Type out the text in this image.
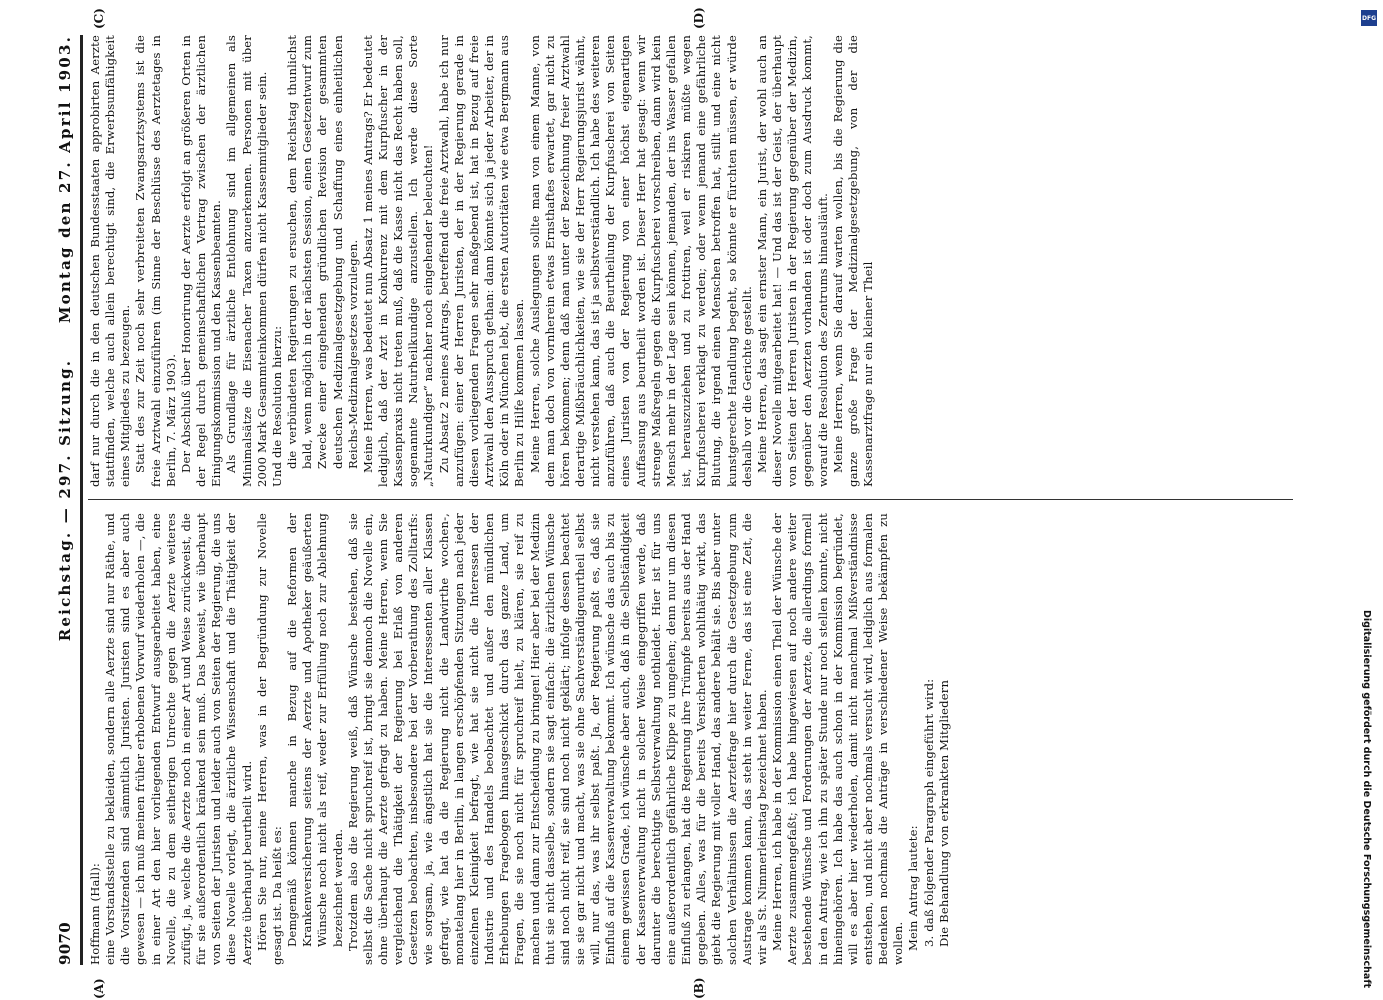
9070
Reichstag. — 297. Sitzung.
Montag den 27. April 1903.

Hoffmann (Hall): eine Vorstandsstelle zu bekleiden, sondern alle Aerzte sind nur Räthe, und die Vorsitzenden sind sämmtlich Juristen. Juristen sind es aber auch gewesen — ich muß meinen früher erhobenen Vorwurf wiederholen —, die in einer Art den hier vorliegenden Entwurf ausgearbeitet haben, eine Novelle, die zu dem seitherigen Unrechte gegen die Aerzte weiteres zufügt, ja, welche die Aerzte noch in einer Art und Weise zurückweist, die für sie außerordentlich kränkend sein muß. Das beweist, wie überhaupt von Seiten der Juristen und leider auch von Seiten der Regierung, die uns diese Novelle vorlegt, die ärztliche Wissenschaft und die Thätigkeit der Aerzte überhaupt beurtheilt wird. Hören Sie nur, meine Herren, was in der Begründung zur Novelle gesagt ist. Da heißt es: Demgemäß können manche in Bezug auf die Reformen der Krankenversicherung seitens der Aerzte und Apotheker geäußerten Wünsche noch nicht als reif, weder zur Erfüllung noch zur Ablehnung bezeichnet werden. Trotzdem also die Regierung weiß, daß Wünsche bestehen, daß sie selbst die Sache nicht spruchreif ist, bringt sie dennoch die Novelle ein, ohne überhaupt die Aerzte gefragt zu haben. Meine Herren, wenn Sie vergleichend die Thätigkeit der Regierung bei Erlaß von anderen Gesetzen beobachten, insbesondere bei der Vorberathung des Zolltarifs: wie sorgsam, ja, wie ängstlich hat sie die Interessenten aller Klassen gefragt, wie hat da die Regierung nicht die Landwirthe wochen-, monatelang hier in Berlin, in langen erschöpfenden Sitzungen nach jeder einzelnen Kleinigkeit befragt, wie hat sie nicht die Interessen der Industrie und des Handels beobachtet und außer den mündlichen Erhebungen Fragebogen hinausgeschickt durch das ganze Land, um Fragen, die sie noch nicht für spruchreif hielt, zu klären, sie reif zu machen und dann zur Entscheidung zu bringen! Hier aber bei der Medizin thut sie nicht dasselbe, sondern sie sagt einfach: die ärztlichen Wünsche sind noch nicht reif, sie sind noch nicht geklärt; infolge dessen beachtet sie sie gar nicht und macht, was sie ohne Sachverständigenurtheil selbst will, nur das, was ihr selbst paßt. Ja, der Regierung paßt es, daß sie Einfluß auf die Kassenverwaltung bekommt. Ich wünsche das auch bis zu einem gewissen Grade, ich wünsche aber auch, daß in die Selbständigkeit der Kassenverwaltung nicht in solcher Weise eingegriffen werde, daß darunter die berechtigte Selbstverwaltung nothleidet. Hier ist für uns eine außerordentlich gefährliche Klippe zu umgehen; denn nur um diesen Einfluß zu erlangen, hat die Regierung ihre Trümpfe bereits aus der Hand gegeben. Alles, was für die bereits Versicherten wohlthätig wirkt, das giebt die Regierung mit voller Hand, das andere behält sie. Bis aber unter solchen Verhältnissen die Aerztefrage hier durch die Gesetzgebung zum Austrage kommen kann, das steht in weiter Ferne, das ist eine Zeit, die wir als St. Nimmerleinstag bezeichnet haben. Meine Herren, ich habe in der Kommission einen Theil der Wünsche der Aerzte zusammengefaßt; ich habe hingewiesen auf noch andere weiter bestehende Wünsche und Forderungen der Aerzte, die allerdings formell in den Antrag, wie ich ihn zu später Stunde nur noch stellen konnte, nicht hineingehören. Ich habe das auch schon in der Kommission begründet, will es aber hier wiederholen, damit nicht manchmal Mißverständnisse entstehen, und nicht aber nochmals versucht wird, lediglich aus formalen Bedenken nochmals die Anträge in verschiedener Weise bekämpfen zu wollen. Mein Antrag lautete: 3. daß folgender Paragraph eingeführt wird: Die Behandlung von erkrankten Mitgliedern

darf nur durch die in den deutschen Bundesstaaten approbirten Aerzte stattfinden, welche auch allein berechtigt sind, die Erwerbsunfähigkeit eines Mitgliedes zu bezeugen. Statt des zur Zeit noch sehr verbreiteten Zwangsarztsystems ist die freie Arztwahl einzuführen (im Sinne der Beschlüsse des Aerztetages in Berlin, 7. März 1903). Der Abschluß über Honorirung der Aerzte erfolgt an größeren Orten in der Regel durch gemeinschaftlichen Vertrag zwischen der ärztlichen Einigungskommission und den Kassenbeamten. Als Grundlage für ärztliche Entlohnung sind im allgemeinen als Minimalsätze die Eisenacher Taxen anzuerkennen. Personen mit über 2000 Mark Gesammteinkommen dürfen nicht Kassenmitglieder sein. Und die Resolution hierzu: die verbündeten Regierungen zu ersuchen, dem Reichstag thunlichst bald, wenn möglich in der nächsten Session, einen Gesetzentwurf zum Zwecke einer eingehenden gründlichen Revision der gesammten deutschen Medizinalgesetzgebung und Schaffung eines einheitlichen Reichs-Medizinalgesetzes vorzulegen. Meine Herren, was bedeutet nun Absatz 1 meines Antrags? Er bedeutet lediglich, daß der Arzt in Konkurrenz mit dem Kurpfuscher in der Kassenpraxis nicht treten muß, daß die Kasse nicht das Recht haben soll, sogenannte Naturheilkundige anzustellen. Ich werde diese Sorte „Naturkundiger“ nachher noch eingehender beleuchten! Zu Absatz 2 meines Antrags, betreffend die freie Arztwahl, habe ich nur anzufügen: einer der Herren Juristen, der in der Regierung gerade in diesen vorliegenden Fragen sehr maßgebend ist, hat in Bezug auf freie Arztwahl den Ausspruch gethan: dann könnte sich ja jeder Arbeiter, der in Köln oder in München lebt, die ersten Autoritäten wie etwa Bergmann aus Berlin zu Hilfe kommen lassen. Meine Herren, solche Auslegungen sollte man von einem Manne, von dem man doch von vornherein etwas Ernsthaftes erwartet, gar nicht zu hören bekommen; denn daß man unter der Bezeichnung freier Arztwahl derartige Mißbräuchlichkeiten, wie sie der Herr Regierungsjurist wähnt, nicht verstehen kann, das ist ja selbstverständlich. Ich habe des weiteren anzuführen, daß auch die Beurtheilung der Kurpfuscherei von Seiten eines Juristen von der Regierung von einer höchst eigenartigen Auffassung aus beurtheilt worden ist. Dieser Herr hat gesagt: wenn wir strenge Maßregeln gegen die Kurpfuscherei vorschreiben, dann wird kein Mensch mehr in der Lage sein können, jemanden, der ins Wasser gefallen ist, herauszuziehen und zu frottiren, weil er riskiren müßte wegen Kurpfuscherei verklagt zu werden; oder wenn jemand eine gefährliche Blutung, die irgend einen Menschen betroffen hat, stillt und eine nicht kunstgerechte Handlung begeht, so könnte er fürchten müssen, er würde deshalb vor die Gerichte gestellt. Meine Herren, das sagt ein ernster Mann, ein Jurist, der wohl auch an dieser Novelle mitgearbeitet hat! — Und das ist der Geist, der überhaupt von Seiten der Herren Juristen in der Regierung gegenüber der Medizin, gegenüber den Aerzten vorhanden ist oder doch zum Ausdruck kommt, worauf die Resolution des Zentrums hinausläuft. Meine Herren, wenn Sie darauf warten wollen, bis die Regierung die ganze große Frage der Medizinalgesetzgebung, von der die Kassenarztfrage nur ein kleiner Theil

(A)	(B)
(C)	(D)	DFG
Digitalisierung gefördert durch die Deutsche Forschungsgemeinschaft
